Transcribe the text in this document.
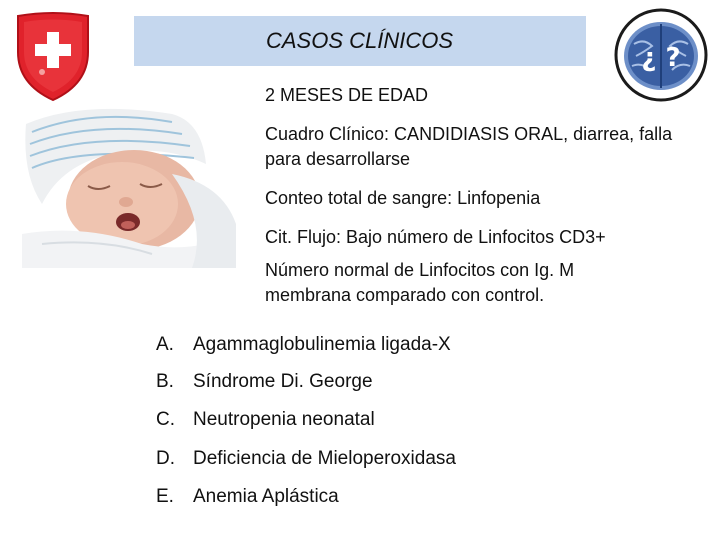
CASOS CLÍNICOS
¿ ?
2 MESES DE EDAD
Cuadro Clínico: CANDIDIASIS ORAL, diarrea, falla para desarrollarse
Conteo total de sangre: Linfopenia
Cit. Flujo: Bajo número de Linfocitos CD3+
Número normal de Linfocitos con Ig. M membrana comparado con control.
A. Agammaglobulinemia ligada-X
B. Síndrome Di. George
C. Neutropenia neonatal
D. Deficiencia de Mieloperoxidasa
E. Anemia Aplástica
